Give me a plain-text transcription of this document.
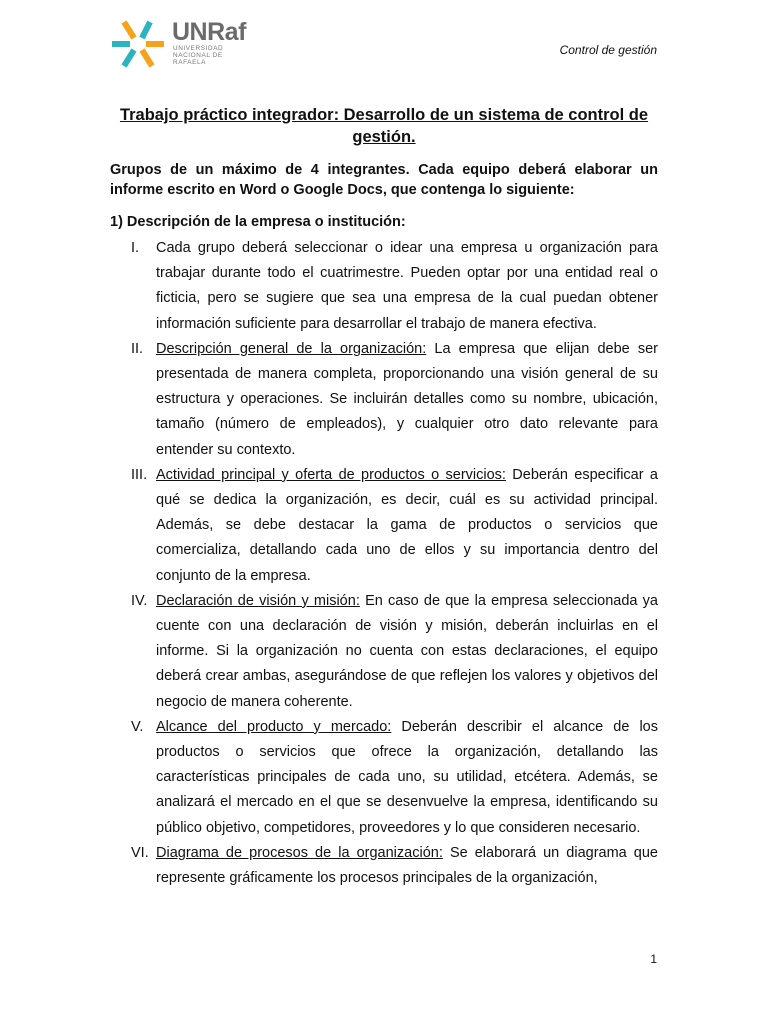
UNRaf
UNIVERSIDAD
NACIONAL DE
RAFAELA
Control de gestión
Trabajo práctico integrador: Desarrollo de un sistema de control de gestión.
Grupos de un máximo de 4 integrantes. Cada equipo deberá elaborar un informe escrito en Word o Google Docs, que contenga lo siguiente:
1) Descripción de la empresa o institución:
I.	Cada grupo deberá seleccionar o idear una empresa u organización para trabajar durante todo el cuatrimestre. Pueden optar por una entidad real o ficticia, pero se sugiere que sea una empresa de la cual puedan obtener información suficiente para desarrollar el trabajo de manera efectiva.
II. Descripción general de la organización: La empresa que elijan debe ser presentada de manera completa, proporcionando una visión general de su estructura y operaciones. Se incluirán detalles como su nombre, ubicación, tamaño (número de empleados), y cualquier otro dato relevante para entender su contexto.
III. Actividad principal y oferta de productos o servicios: Deberán especificar a qué se dedica la organización, es decir, cuál es su actividad principal. Además, se debe destacar la gama de productos o servicios que comercializa, detallando cada uno de ellos y su importancia dentro del conjunto de la empresa.
IV. Declaración de visión y misión: En caso de que la empresa seleccionada ya cuente con una declaración de visión y misión, deberán incluirlas en el informe. Si la organización no cuenta con estas declaraciones, el equipo deberá crear ambas, asegurándose de que reflejen los valores y objetivos del negocio de manera coherente.
V. Alcance del producto y mercado: Deberán describir el alcance de los productos o servicios que ofrece la organización, detallando las características principales de cada uno, su utilidad, etcétera. Además, se analizará el mercado en el que se desenvuelve la empresa, identificando su público objetivo, competidores, proveedores y lo que consideren necesario.
VI. Diagrama de procesos de la organización: Se elaborará un diagrama que represente gráficamente los procesos principales de la organización,
1
